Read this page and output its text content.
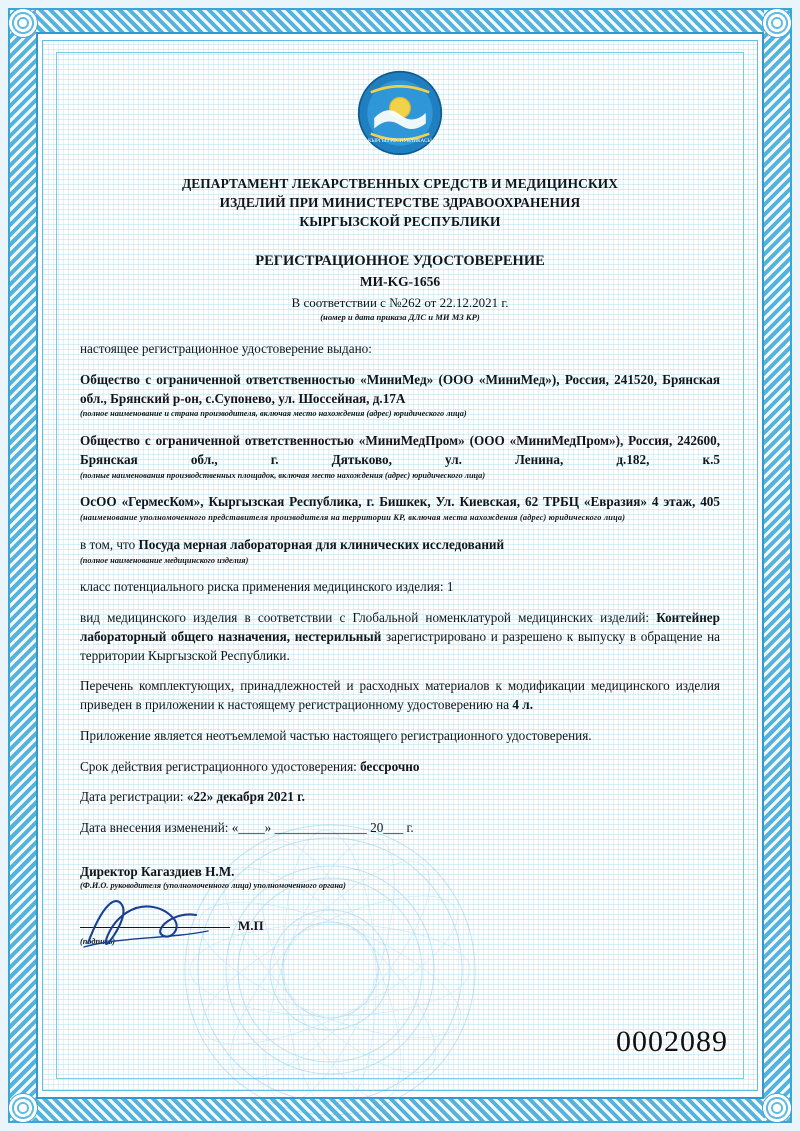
КЫРГЫЗ РЕСПУБЛИКАСЫ
ДЕПАРТАМЕНТ ЛЕКАРСТВЕННЫХ СРЕДСТВ И МЕДИЦИНСКИХ
ИЗДЕЛИЙ ПРИ МИНИСТЕРСТВЕ ЗДРАВООХРАНЕНИЯ
КЫРГЫЗСКОЙ РЕСПУБЛИКИ
РЕГИСТРАЦИОННОЕ УДОСТОВЕРЕНИЕ
МИ-KG-1656
В соответствии с №262 от 22.12.2021 г.
(номер и дата приказа ДЛС и МИ МЗ КР)
настоящее регистрационное удостоверение выдано:
Общество с ограниченной ответственностью «МиниМед» (ООО «МиниМед»), Россия, 241520, Брянская обл., Брянский р-он, с.Супонево, ул. Шоссейная, д.17А
(полное наименование и страна производителя, включая место нахождения (адрес) юридического лица)
Общество с ограниченной ответственностью «МиниМедПром» (ООО «МиниМедПром»), Россия, 242600, Брянская обл., г. Дятьково, ул. Ленина, д.182, к.5
(полные наименования производственных площадок, включая место нахождения (адрес) юридического лица)
ОсОО «ГермесКом», Кыргызская Республика, г. Бишкек, Ул. Киевская, 62 ТРБЦ «Евразия» 4 этаж, 405
(наименование уполномоченного представителя производителя на территории КР, включая места нахождения (адрес) юридического лица)
в том, что Посуда мерная лабораторная для клинических исследований
(полное наименование медицинского изделия)
класс потенциального риска применения медицинского изделия: 1
вид медицинского изделия в соответствии с Глобальной номенклатурой медицинских изделий: Контейнер лабораторный общего назначения, нестерильный зарегистрировано и разрешено к выпуску в обращение на территории Кыргызской Республики.
Перечень комплектующих, принадлежностей и расходных материалов к модификации медицинского изделия приведен в приложении к настоящему регистрационному удостоверению на 4 л.
Приложение является неотъемлемой частью настоящего регистрационного удостоверения.
Срок действия регистрационного удостоверения: бессрочно
Дата регистрации: «22» декабря 2021 г.
Дата внесения изменений: «____» ______________ 20___ г.
Директор Кагаздиев Н.М.
(Ф.И.О. руководителя (уполномоченного лица) уполномоченного органа)
М.П
(подпись)
0002089
